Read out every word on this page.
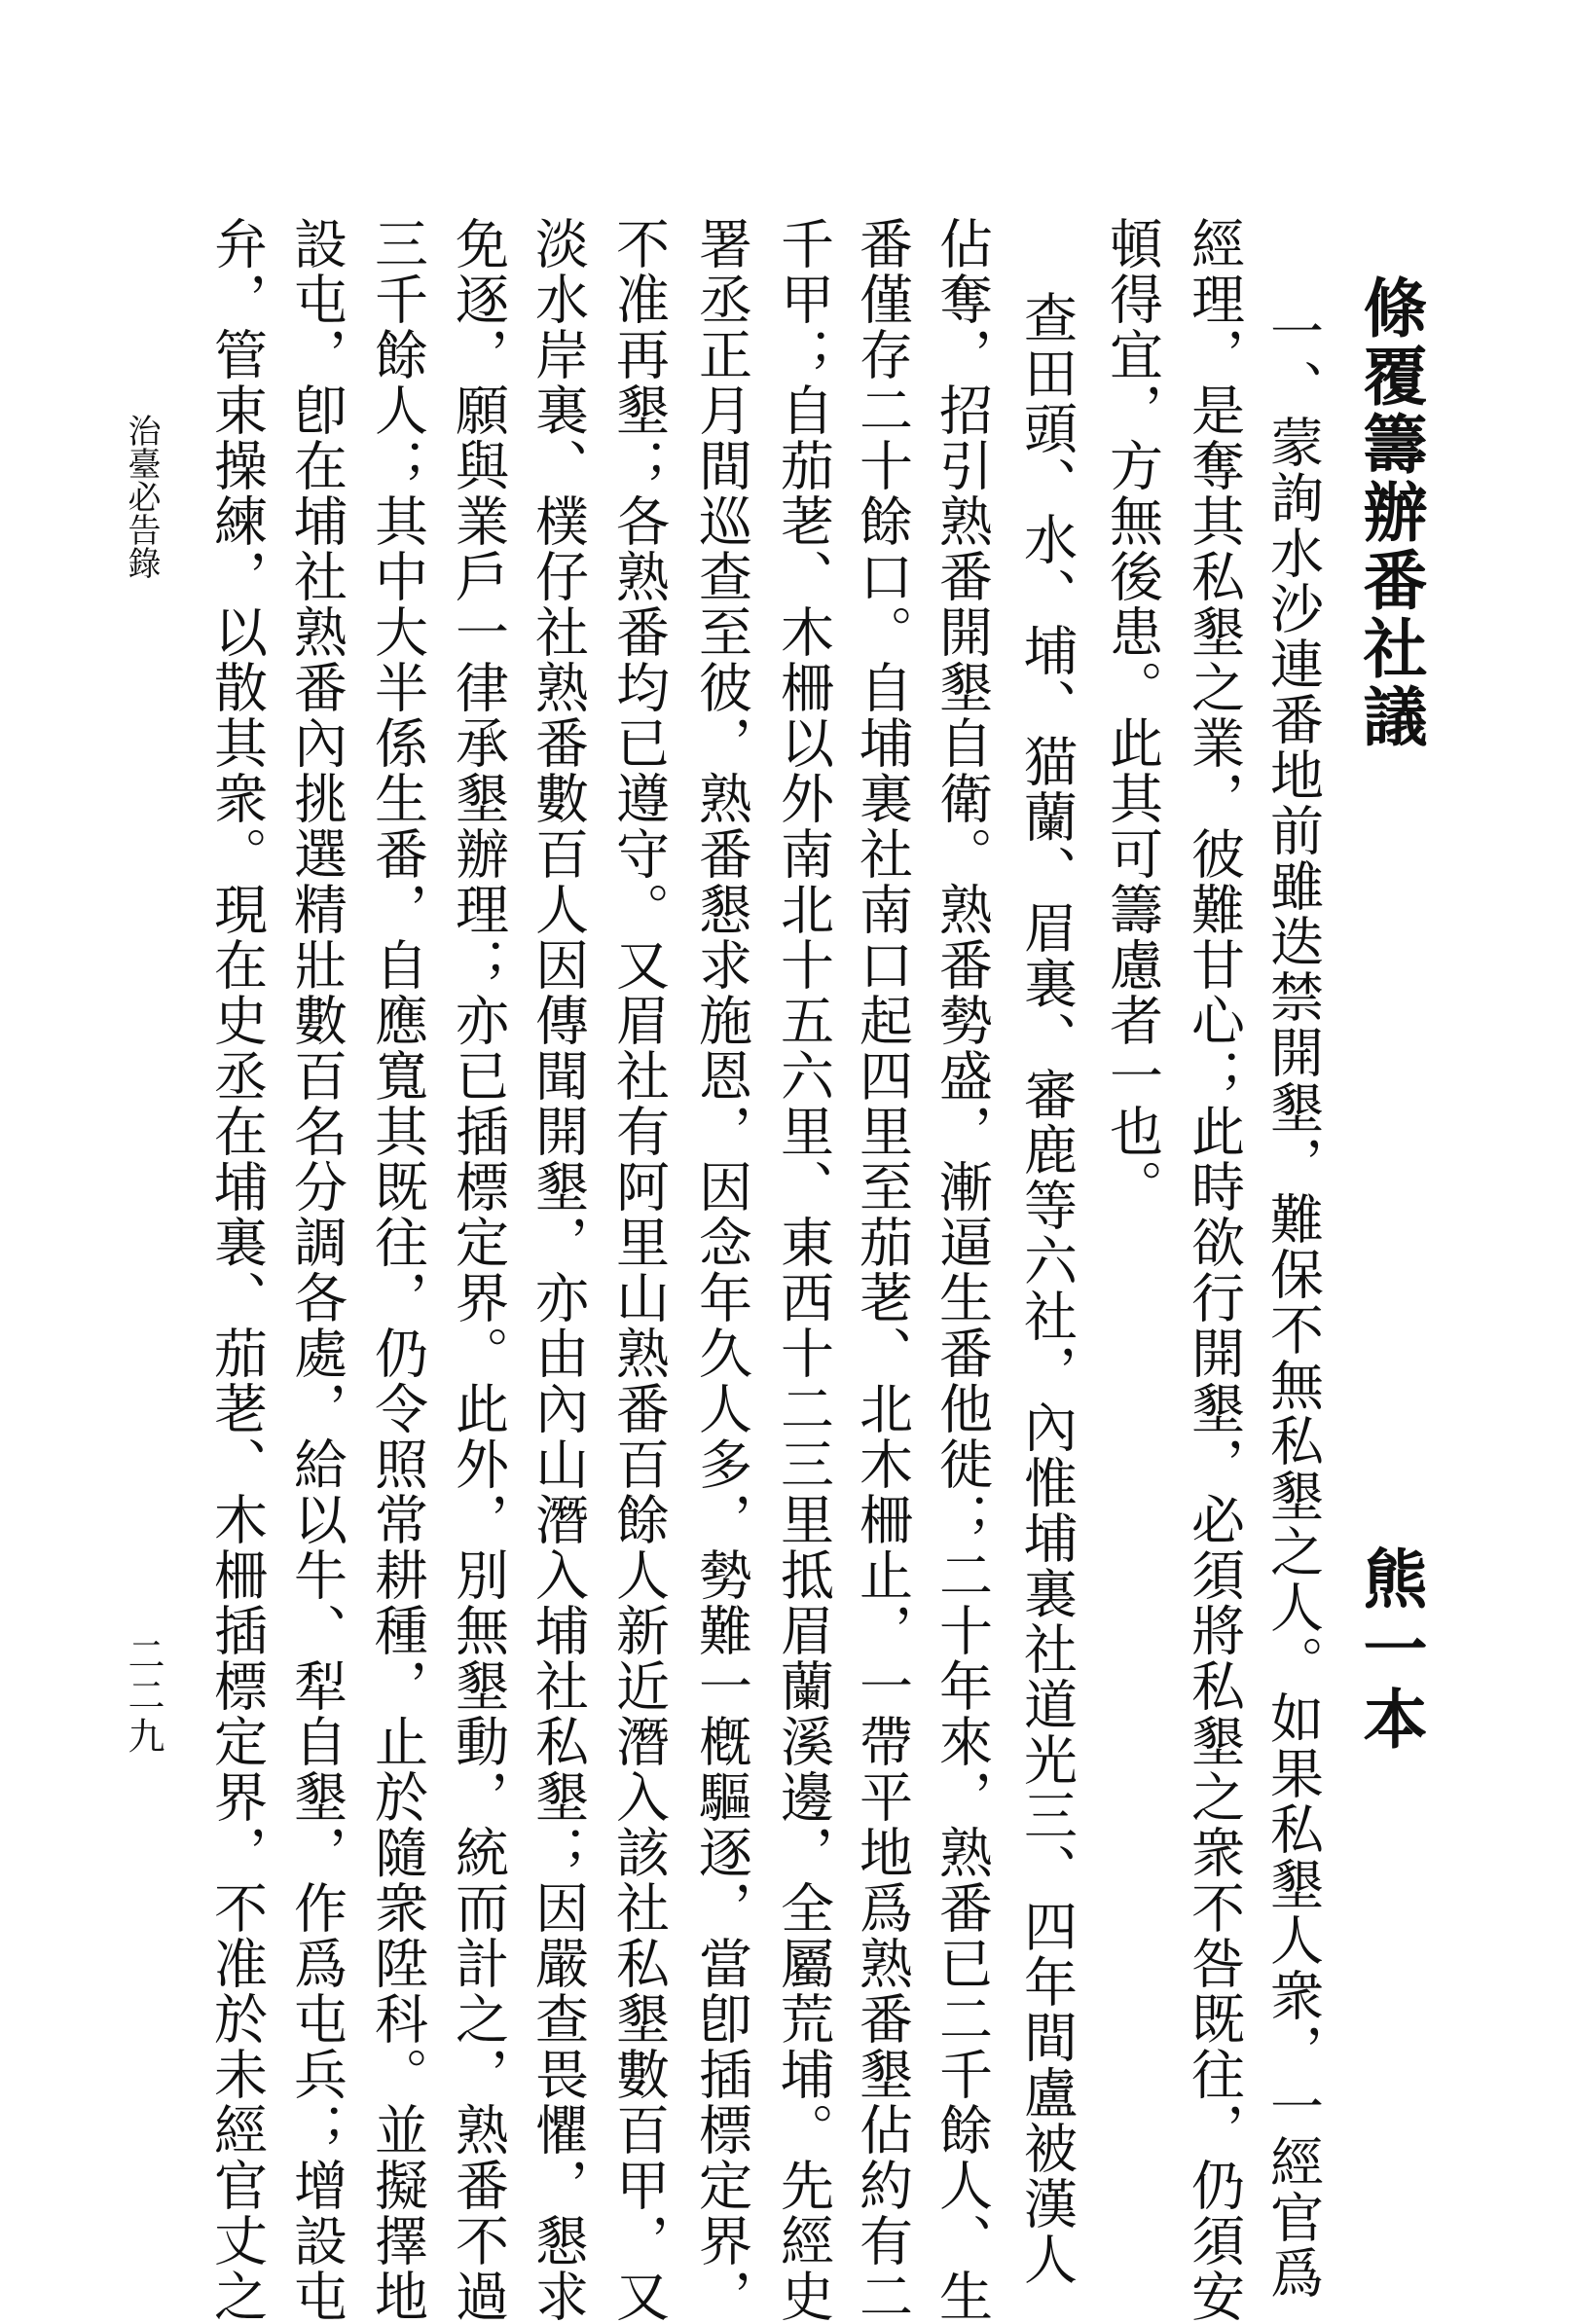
條覆籌辦番社議
熊一本
一、蒙詢水沙連番地前雖迭禁開墾，難保不無私墾之人。如果私墾人衆，一經官爲
經理，是奪其私墾之業，彼難甘心；此時欲行開墾，必須將私墾之衆不咎既往，仍須安
頓得宜，方無後患。此其可籌慮者一也。
查田頭、水、埔、猫蘭、眉裏、審鹿等六社，內惟埔裏社道光三、四年間盧被漢人
佔奪，招引熟番開墾自衛。熟番勢盛，漸逼生番他徙；二十年來，熟番已二千餘人、生
番僅存二十餘口。自埔裏社南口起四里至茄荖、北木柵止，一帶平地爲熟番墾佔約有二
千甲；自茄荖、木柵以外南北十五六里、東西十二三里抵眉蘭溪邊，全屬荒埔。先經史
署丞正月間巡查至彼，熟番懇求施恩，因念年久人多，勢難一槪驅逐，當卽插標定界，
不准再墾；各熟番均已遵守。又眉社有阿里山熟番百餘人新近潛入該社私墾數百甲，又
淡水岸裏、樸仔社熟番數百人因傳聞開墾，亦由內山潛入埔社私墾；因嚴查畏懼，懇求
免逐，願與業戶一律承墾辦理；亦已插標定界。此外，別無墾動，統而計之，熟番不過
三千餘人；其中大半係生番，自應寬其既往，仍令照常耕種，止於隨衆陞科。並擬擇地
設屯，卽在埔社熟番內挑選精壯數百名分調各處，給以牛、犁自墾，作爲屯兵；增設屯
弁，管束操練，以散其衆。現在史丞在埔裏、茄荖、木柵插標定界，不准於未經官丈之
治臺必告錄
二二九
